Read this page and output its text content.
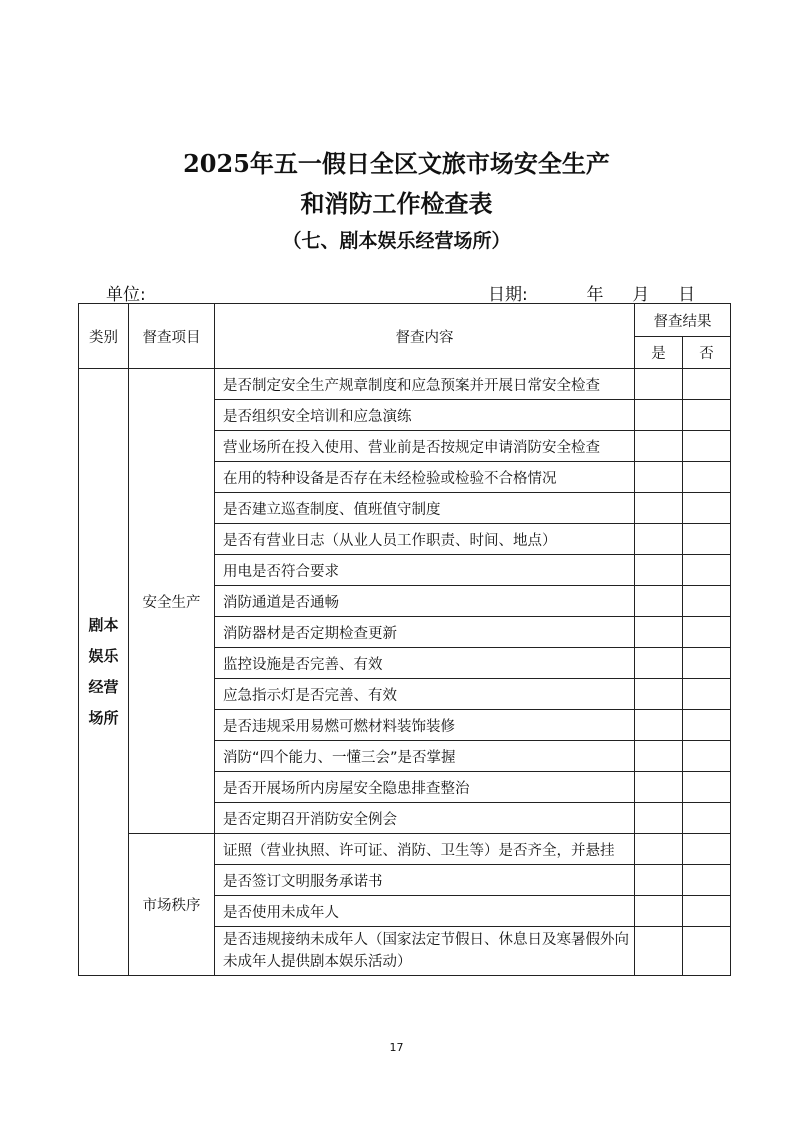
2025年五一假日全区文旅市场安全生产
和消防工作检查表
（七、剧本娱乐经营场所）
单位:	日期:	年 月 日
类别	督查项目	督查内容	督查结果	
			是	否
剧本娱乐经营场所	安全生产	是否制定安全生产规章制度和应急预案并开展日常安全检查		
		是否组织安全培训和应急演练		
		营业场所在投入使用、营业前是否按规定申请消防安全检查		
		在用的特种设备是否存在未经检验或检验不合格情况		
		是否建立巡查制度、值班值守制度		
		是否有营业日志（从业人员工作职责、时间、地点）		
		用电是否符合要求		
		消防通道是否通畅		
		消防器材是否定期检查更新		
		监控设施是否完善、有效		
		应急指示灯是否完善、有效		
		是否违规采用易燃可燃材料装饰装修		
		消防“四个能力、一懂三会”是否掌握		
		是否开展场所内房屋安全隐患排查整治		
		是否定期召开消防安全例会		
	市场秩序	证照（营业执照、许可证、消防、卫生等）是否齐全，并悬挂		
		是否签订文明服务承诺书		
		是否使用未成年人		
		是否违规接纳未成年人（国家法定节假日、休息日及寒暑假外向未成年人提供剧本娱乐活动）		
17
